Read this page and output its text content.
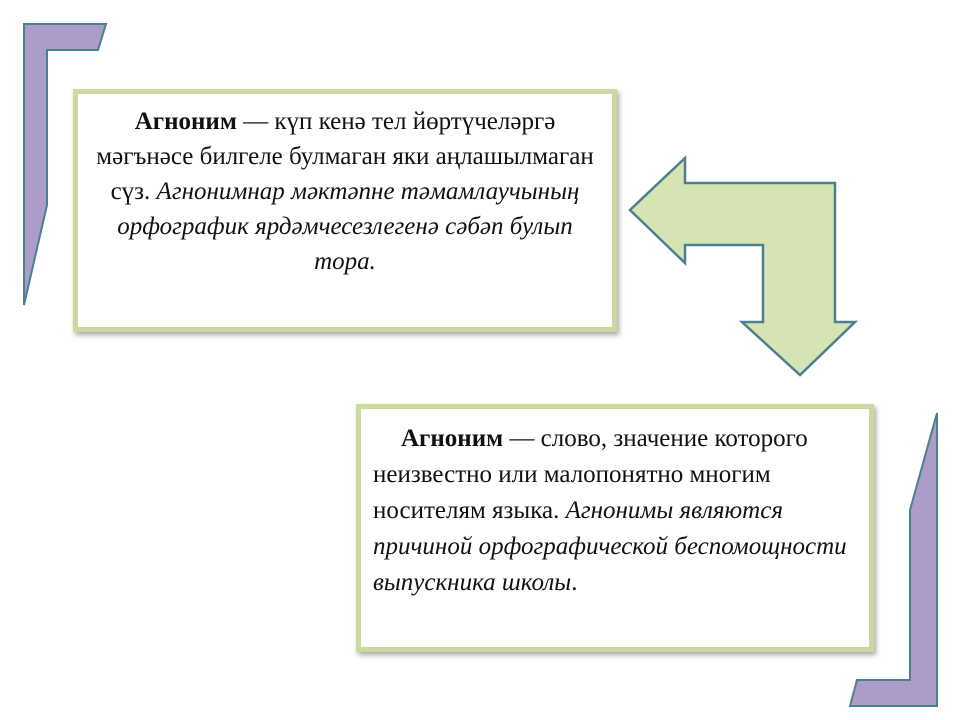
Агноним — күп кенә тел йөртүчеләргә мәгънәсе билгеле булмаган яки аңлашылмаган сүз. Агнонимнар мәктәпне тәмамлаучының орфографик ярдәмчесезлегенә сәбәп булып тора.
Агноним — слово, значение которого неизвестно или малопонятно многим носителям языка. Агнонимы являются причиной орфографической беспомощности выпускника школы.
